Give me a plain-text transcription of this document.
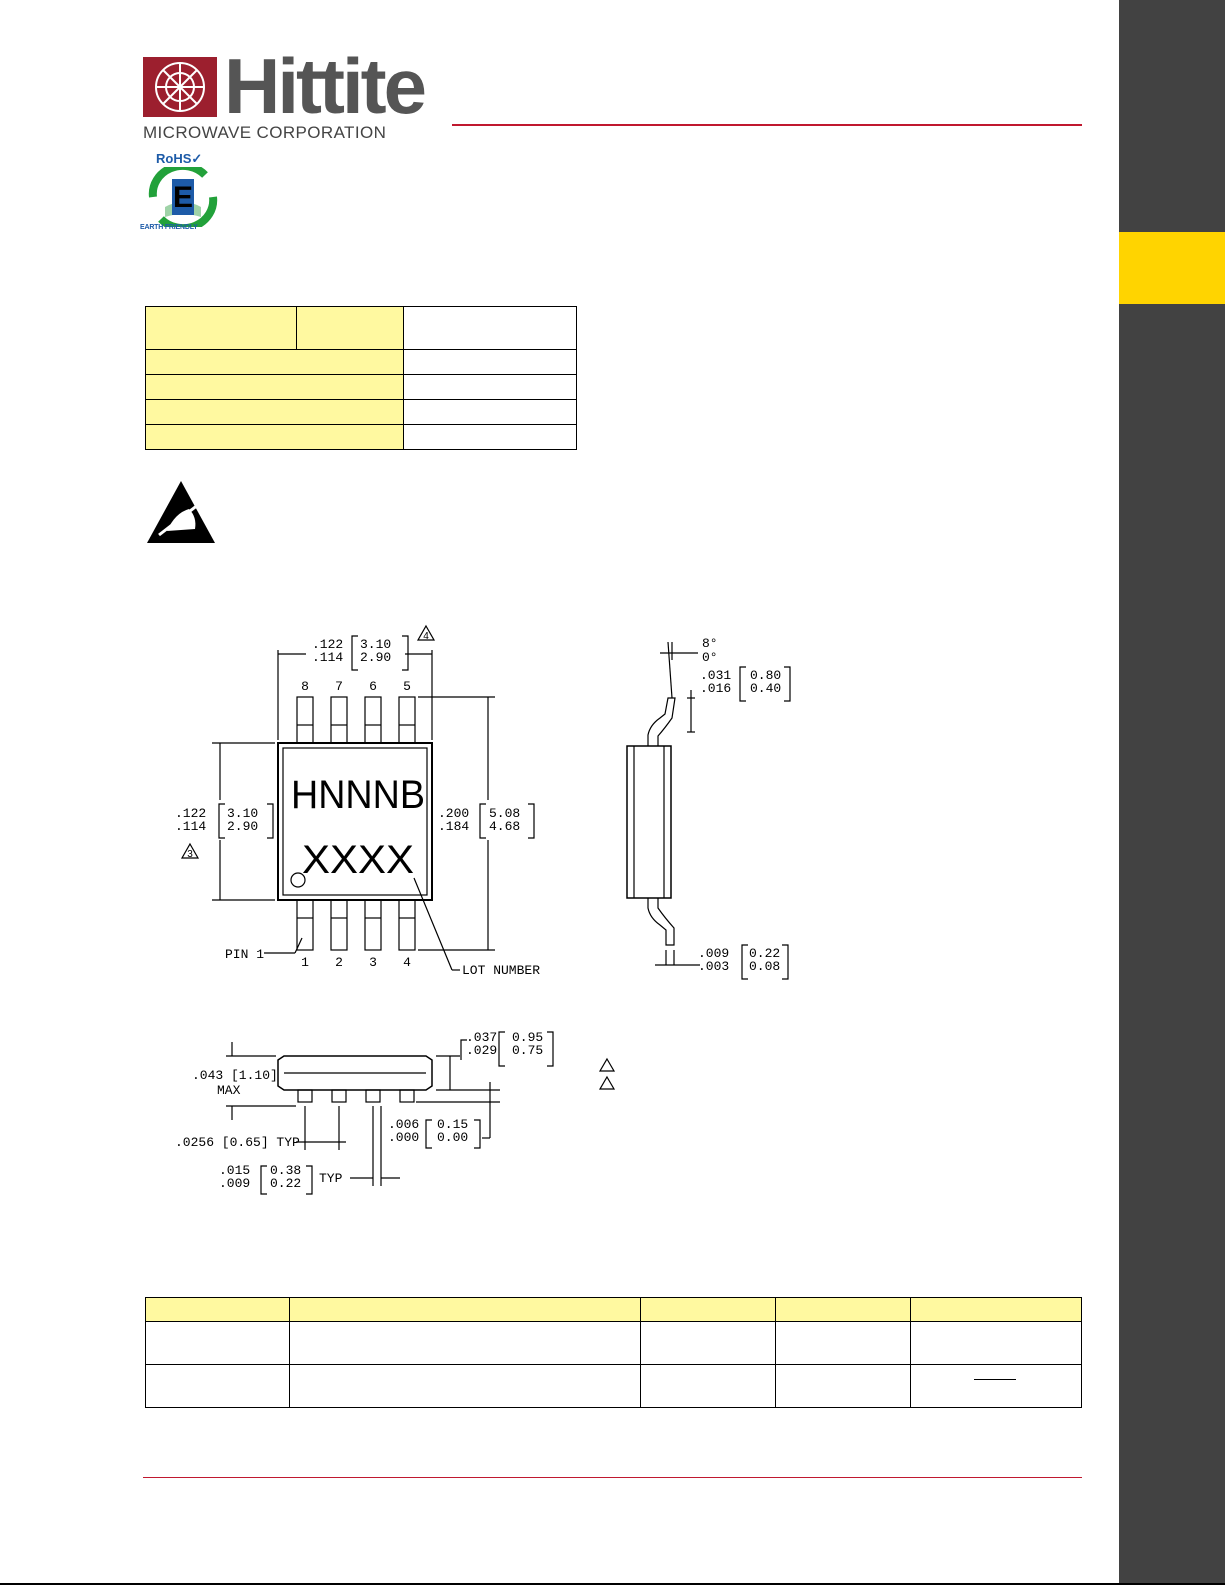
Hittite
MICROWAVE CORPORATION
RoHS✓
E
EARTH FRIENDLY

4
3
.122
.114
3.10
2.90
8 7 6 5
1 2 3 4
.122
.114
3.10
2.90
.200
.184
5.08
4.68
HNNNB
XXXX
PIN 1
LOT NUMBER
8°
0°
.031
.016
0.80
0.40
.009
.003
0.22
0.08
.043 [1.10]
MAX
.037
.029
0.95
0.75
.006
.000
0.15
0.00
.0256 [0.65] TYP
.015
.009
0.38
0.22 TYP
